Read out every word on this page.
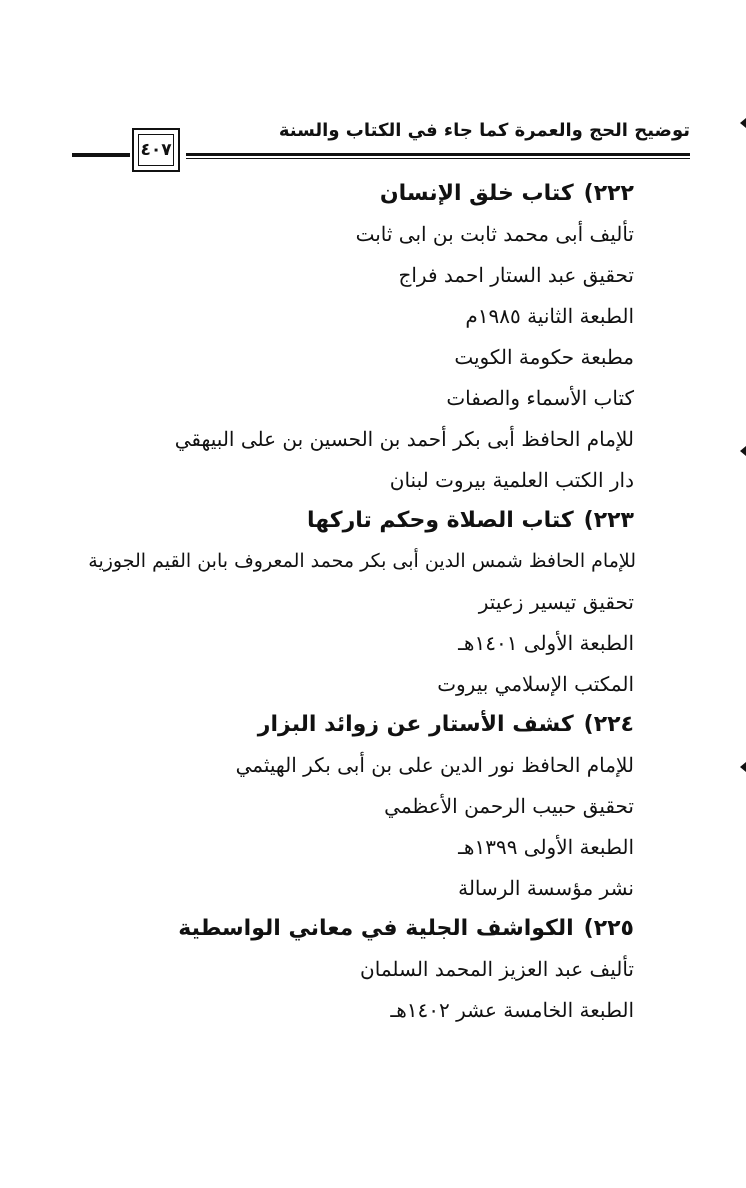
توضيح الحج والعمرة كما جاء في الكتاب والسنة
٤٠٧
٢٢٢)كتاب خلق الإنسان
تأليف أبى محمد ثابت بن ابى ثابت
تحقيق عبد الستار احمد فراج
الطبعة الثانية ١٩٨٥م
مطبعة حكومة الكويت
كتاب الأسماء والصفات
للإمام الحافظ أبى بكر أحمد بن الحسين بن على البيهقي
دار الكتب العلمية بيروت لبنان
٢٢٣)كتاب الصلاة وحكم تاركها
للإمام الحافظ شمس الدين أبى بكر محمد المعروف بابن القيم الجوزية
تحقيق تيسير زعيتر
الطبعة الأولى ١٤٠١هـ
المكتب الإسلامي بيروت
٢٢٤)كشف الأستار عن زوائد البزار
للإمام الحافظ نور الدين على بن أبى بكر الهيثمي
تحقيق حبيب الرحمن الأعظمي
الطبعة الأولى ١٣٩٩هـ
نشر مؤسسة الرسالة
٢٢٥)الكواشف الجلية في معاني الواسطية
تأليف عبد العزيز المحمد السلمان
الطبعة الخامسة عشر ١٤٠٢هـ
